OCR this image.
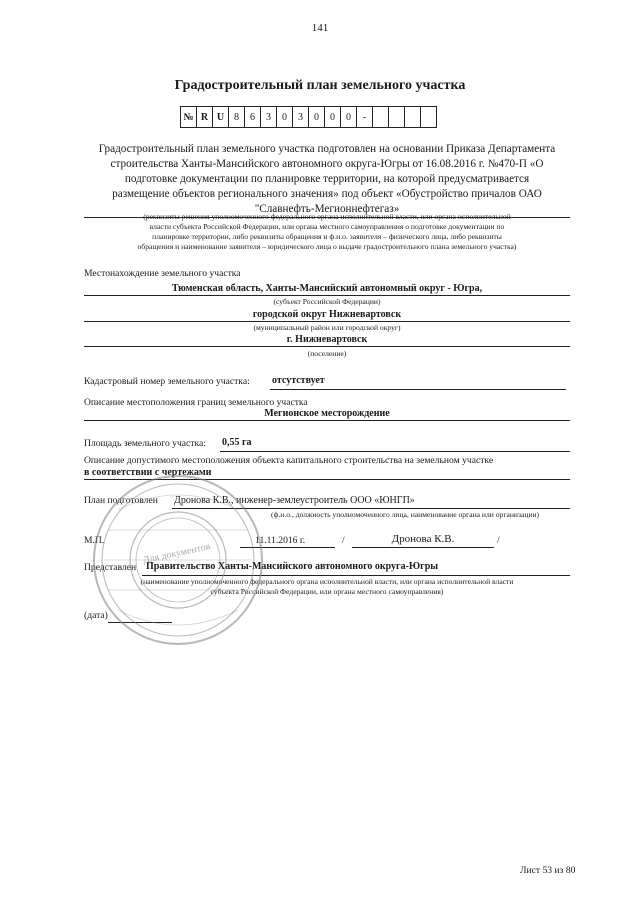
141
Градостроительный план земельного участка
№	R	U	8	6	3	0	3	0	0	0	-				
Градостроительный план земельного участка подготовлен на основании Приказа Департамента
строительства Ханты-Мансийского автономного округа-Югры от 16.08.2016 г. №470-П «О
подготовке документации по планировке территории, на которой предусматривается
размещение объектов регионального значения» под объект «Обустройство причалов ОАО
"Славнефть-Мегионнефтегаз»
(реквизиты решения уполномоченного федерального органа исполнительной власти, или органа исполнительной
власти субъекта Российской Федерации, или органа местного самоуправления о подготовке документации по
планировке территории, либо реквизиты обращения и ф.и.о. заявителя – физического лица, либо реквизиты
обращения и наименование заявителя – юридического лица о выдаче градостроительного плана земельного участка)
Местонахождение земельного участка
Тюменская область, Ханты-Мансийский автономный округ - Югра,
(субъект Российской Федерации)
городской округ Нижневартовск
(муниципальный район или городской округ)
г. Нижневартовск
(поселение)
Кадастровый номер земельного участка: отсутствует
Описание местоположения границ земельного участка
Мегионское месторождение
Площадь земельного участка: 0,55 га
Описание допустимого местоположения объекта капитального строительства на земельном участке
в соответствии с чертежами
План подготовлен Дронова К.В., инженер-землеустроитель ООО «ЮНГП»
(ф.и.о., должность уполномоченного лица, наименование органа или организации)
М.П.	11.11.2016 г.	/	Дронова К.В.	/
Представлен Правительство Ханты-Мансийского автономного округа-Югры
(наименование уполномоченного федерального органа исполнительной власти, или органа исполнительной власти
субъекта Российской Федерации, или органа местного самоуправления)
(дата)
Для документов
Лист 53 из 80
